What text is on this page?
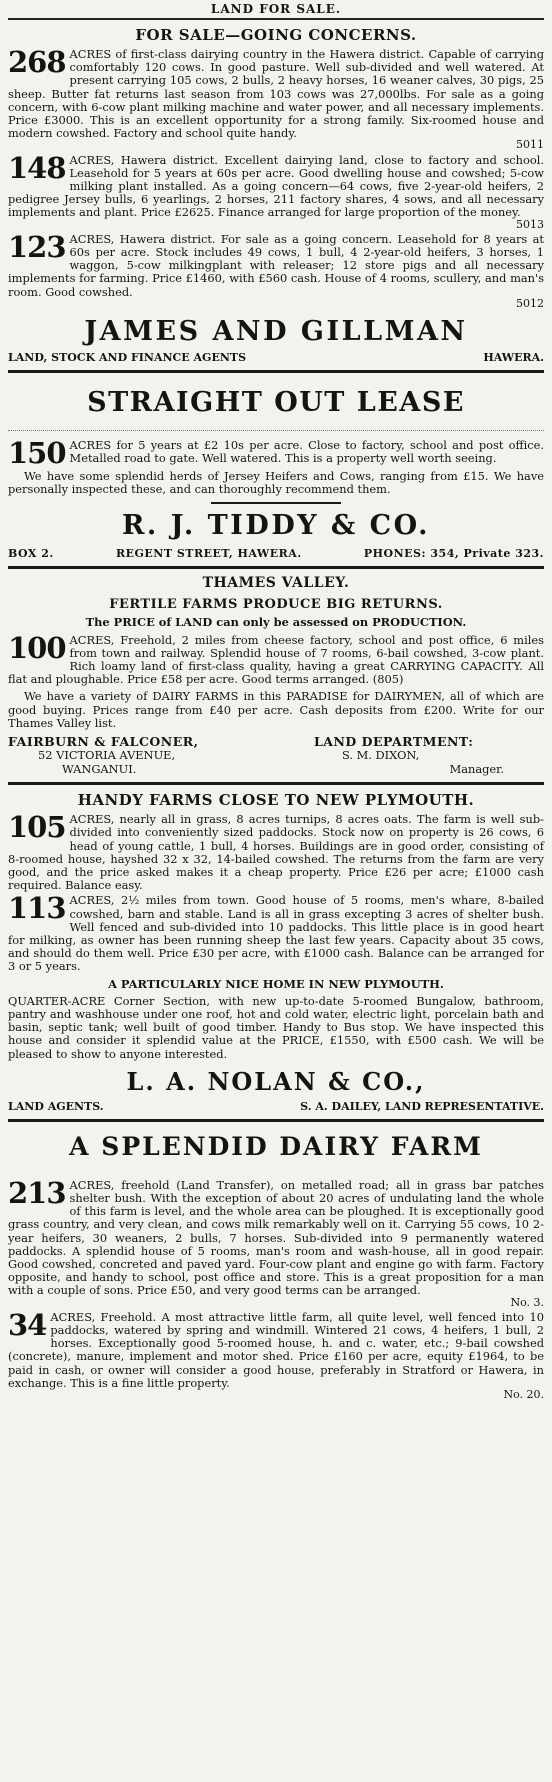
LAND FOR SALE.
FOR SALE—GOING CONCERNS.
268 ACRES of first-class dairying country in the Hawera district. Capable of carrying comfortably 120 cows. In good pasture. Well sub-divided and well watered. At present carrying 105 cows, 2 bulls, 2 heavy horses, 16 weaner calves, 30 pigs, 25 sheep. Butter fat returns last season from 103 cows was 27,000lbs. For sale as a going concern, with 6-cow plant milking machine and water power, and all necessary implements. Price £3000. This is an excellent opportunity for a strong family. Six-roomed house and modern cowshed. Factory and school quite handy.
5011
148 ACRES, Hawera district. Excellent dairying land, close to factory and school. Leasehold for 5 years at 60s per acre. Good dwelling house and cowshed; 5-cow milking plant installed. As a going concern—64 cows, five 2-year-old heifers, 2 pedigree Jersey bulls, 6 yearlings, 2 horses, 211 factory shares, 4 sows, and all necessary implements and plant. Price £2625. Finance arranged for large proportion of the money.
5013
123 ACRES, Hawera district. For sale as a going concern. Leasehold for 8 years at 60s per acre. Stock includes 49 cows, 1 bull, 4 2-year-old heifers, 3 horses, 1 waggon, 5-cow milkingplant with releaser; 12 store pigs and all necessary implements for farming. Price £1460, with £560 cash. House of 4 rooms, scullery, and man's room. Good cowshed.
5012
JAMES AND GILLMAN
LAND, STOCK AND FINANCE AGENTS	HAWERA.
STRAIGHT OUT LEASE
150 ACRES for 5 years at £2 10s per acre. Close to factory, school and post office. Metalled road to gate. Well watered. This is a property well worth seeing.
We have some splendid herds of Jersey Heifers and Cows, ranging from £15. We have personally inspected these, and can thoroughly recommend them.
R. J. TIDDY & CO.
BOX 2.	REGENT STREET, HAWERA.	PHONES: 354, Private 323.
THAMES VALLEY.
FERTILE FARMS PRODUCE BIG RETURNS.
The PRICE of LAND can only be assessed on PRODUCTION.
100 ACRES, Freehold, 2 miles from cheese factory, school and post office, 6 miles from town and railway. Splendid house of 7 rooms, 6-bail cowshed, 3-cow plant. Rich loamy land of first-class quality, having a great CARRYING CAPACITY. All flat and ploughable. Price £58 per acre. Good terms arranged. (805)
We have a variety of DAIRY FARMS in this PARADISE for DAIRYMEN, all of which are good buying. Prices range from £40 per acre. Cash deposits from £200. Write for our Thames Valley list.
FAIRBURN & FALCONER,
52 VICTORIA AVENUE,
WANGANUI.
LAND DEPARTMENT:
S. M. DIXON,
Manager.
HANDY FARMS CLOSE TO NEW PLYMOUTH.
105 ACRES, nearly all in grass, 8 acres turnips, 8 acres oats. The farm is well sub-divided into conveniently sized paddocks. Stock now on property is 26 cows, 6 head of young cattle, 1 bull, 4 horses. Buildings are in good order, consisting of 8-roomed house, hayshed 32 x 32, 14-bailed cowshed. The returns from the farm are very good, and the price asked makes it a cheap property. Price £26 per acre; £1000 cash required. Balance easy.
113 ACRES, 2½ miles from town. Good house of 5 rooms, men's whare, 8-bailed cowshed, barn and stable. Land is all in grass excepting 3 acres of shelter bush. Well fenced and sub-divided into 10 paddocks. This little place is in good heart for milking, as owner has been running sheep the last few years. Capacity about 35 cows, and should do them well. Price £30 per acre, with £1000 cash. Balance can be arranged for 3 or 5 years.
A PARTICULARLY NICE HOME IN NEW PLYMOUTH.
QUARTER-ACRE Corner Section, with new up-to-date 5-roomed Bungalow, bathroom, pantry and washhouse under one roof, hot and cold water, electric light, porcelain bath and basin, septic tank; well built of good timber. Handy to Bus stop. We have inspected this house and consider it splendid value at the PRICE, £1550, with £500 cash. We will be pleased to show to anyone interested.
L. A. NOLAN & CO.,
LAND AGENTS.	S. A. DAILEY, LAND REPRESENTATIVE.
A SPLENDID DAIRY FARM
213 ACRES, freehold (Land Transfer), on metalled road; all in grass bar patches shelter bush. With the exception of about 20 acres of undulating land the whole of this farm is level, and the whole area can be ploughed. It is exceptionally good grass country, and very clean, and cows milk remarkably well on it. Carrying 55 cows, 10 2-year heifers, 30 weaners, 2 bulls, 7 horses. Sub-divided into 9 permanently watered paddocks. A splendid house of 5 rooms, man's room and wash-house, all in good repair. Good cowshed, concreted and paved yard. Four-cow plant and engine go with farm. Factory opposite, and handy to school, post office and store. This is a great proposition for a man with a couple of sons. Price £50, and very good terms can be arranged.
No. 3.
34 ACRES, Freehold. A most attractive little farm, all quite level, well fenced into 10 paddocks, watered by spring and windmill. Wintered 21 cows, 4 heifers, 1 bull, 2 horses. Exceptionally good 5-roomed house, h. and c. water, etc.; 9-bail cowshed (concrete), manure, implement and motor shed. Price £160 per acre, equity £1964, to be paid in cash, or owner will consider a good house, preferably in Stratford or Hawera, in exchange. This is a fine little property.
No. 20.
